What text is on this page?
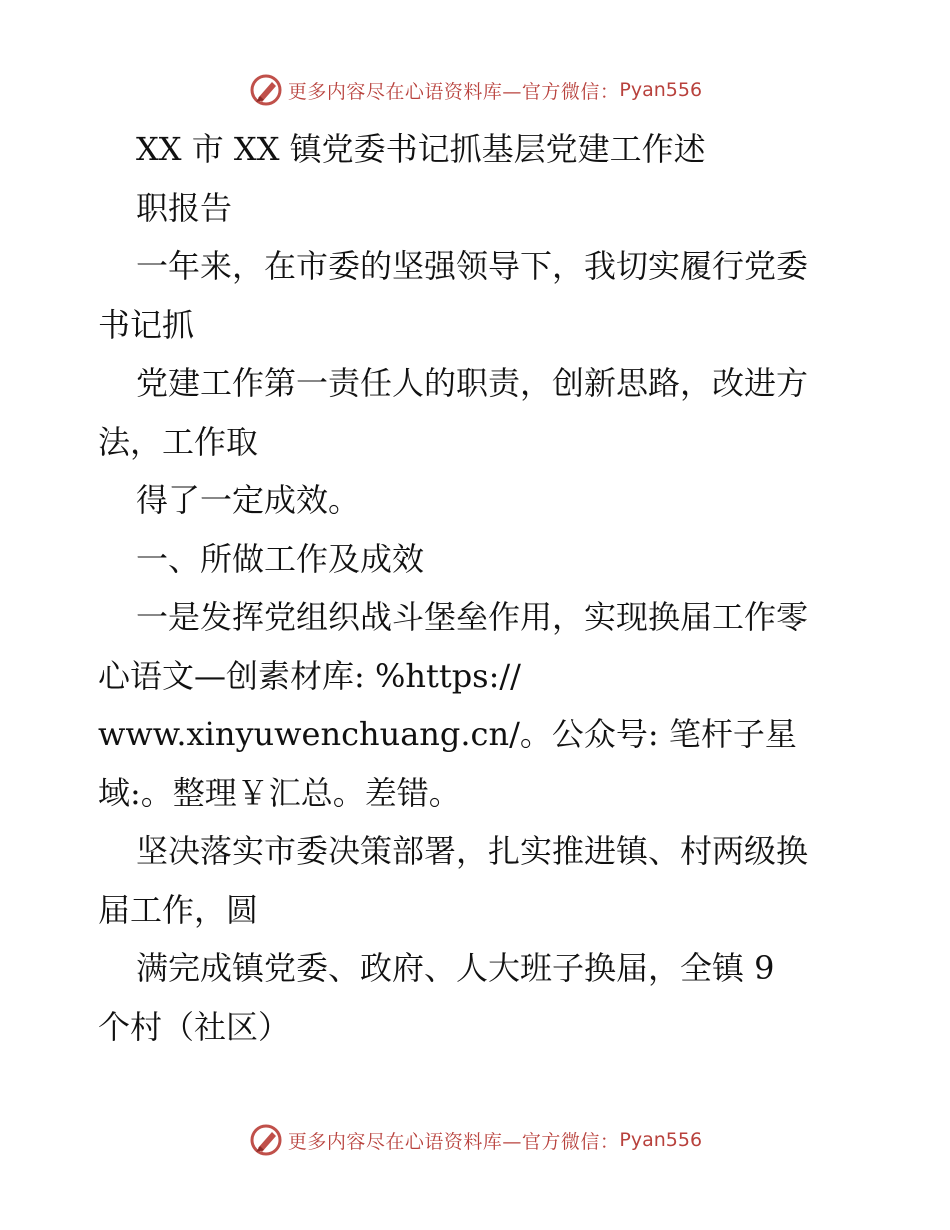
更多内容尽在心语资料库—官方微信： Pyan556
XX 市 XX 镇党委书记抓基层党建工作述
职报告
一年来，在市委的坚强领导下，我切实履行党委
书记抓
党建工作第一责任人的职责，创新思路，改进方
法，工作取
得了一定成效。
一、所做工作及成效
一是发挥党组织战斗堡垒作用，实现换届工作零
心语文—创素材库: %https://
www.xinyuwenchuang.cn/。公众号: 笔杆子星
域:。整理￥汇总。差错。
坚决落实市委决策部署，扎实推进镇、村两级换
届工作，圆
满完成镇党委、政府、人大班子换届，全镇 9
个村（社区）
更多内容尽在心语资料库—官方微信： Pyan556
